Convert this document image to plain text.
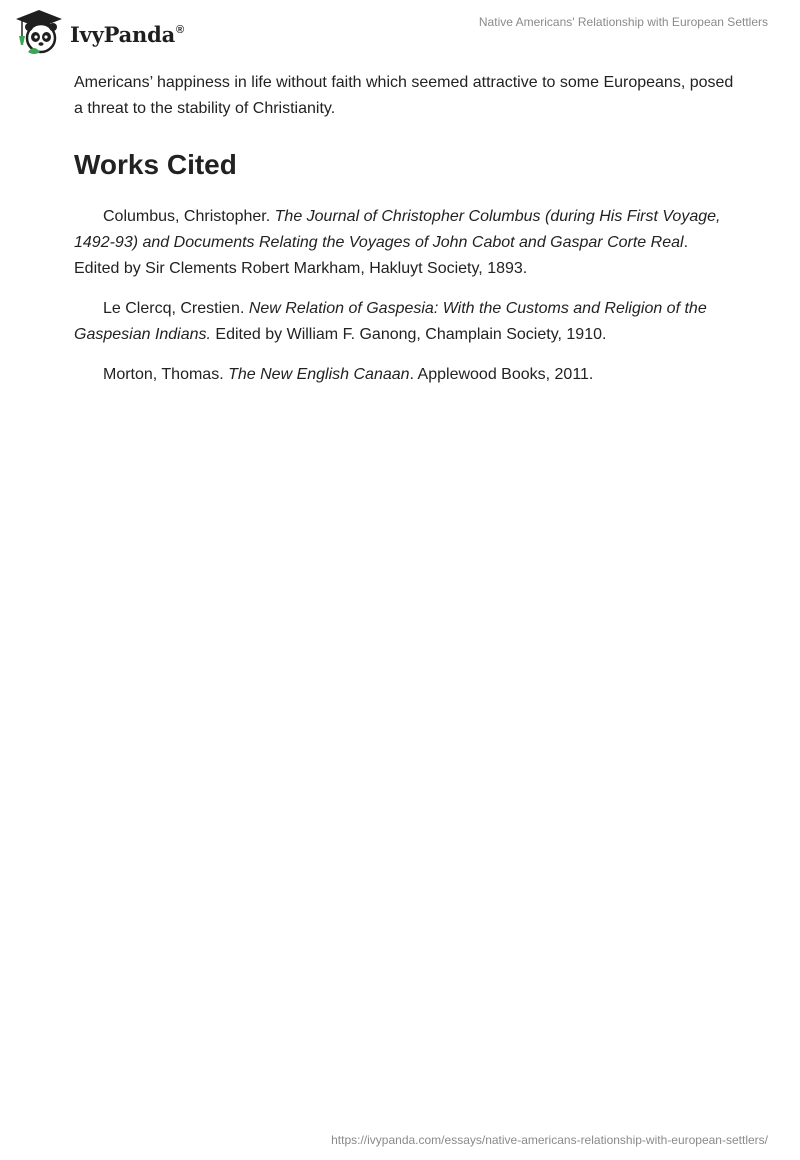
IvyPanda®
Native Americans' Relationship with European Settlers

Americans’ happiness in life without faith which seemed attractive to some Europeans, posed a threat to the stability of Christianity.

Works Cited

Columbus, Christopher. The Journal of Christopher Columbus (during His First Voyage, 1492-93) and Documents Relating the Voyages of John Cabot and Gaspar Corte Real. Edited by Sir Clements Robert Markham, Hakluyt Society, 1893.

Le Clercq, Crestien. New Relation of Gaspesia: With the Customs and Religion of the Gaspesian Indians. Edited by William F. Ganong, Champlain Society, 1910.

Morton, Thomas. The New English Canaan. Applewood Books, 2011.

https://ivypanda.com/essays/native-americans-relationship-with-european-settlers/
